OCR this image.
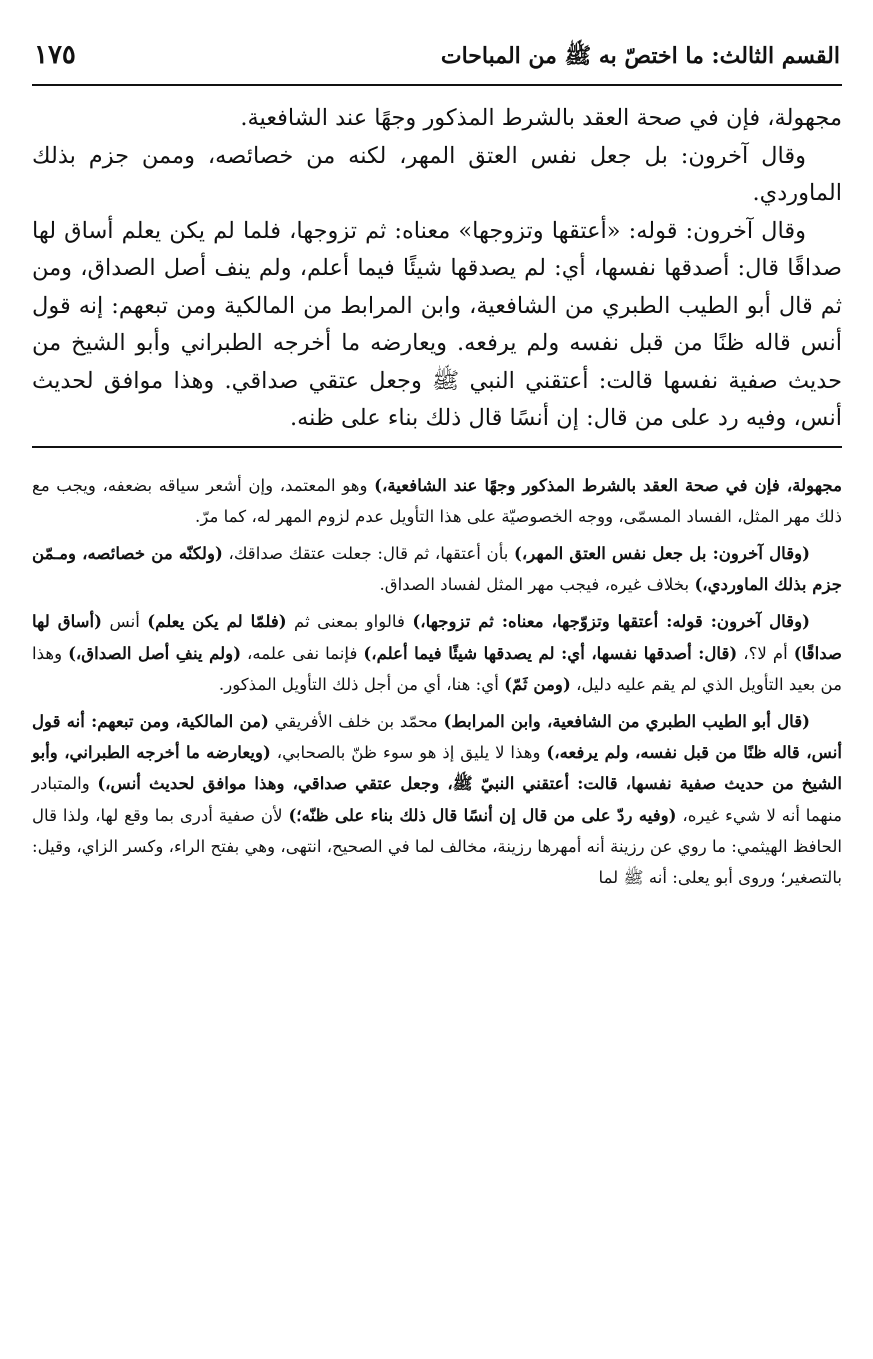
القسم الثالث: ما اختصّ به ﷺ من المباحات
١٧٥

مجهولة، فإن في صحة العقد بالشرط المذكور وجهًا عند الشافعية.

وقال آخرون: بل جعل نفس العتق المهر، لكنه من خصائصه، وممن جزم بذلك الماوردي.

وقال آخرون: قوله: «أعتقها وتزوجها» معناه: ثم تزوجها، فلما لم يكن يعلم أساق لها صداقًا قال: أصدقها نفسها، أي: لم يصدقها شيئًا فيما أعلم، ولم ينف أصل الصداق، ومن ثم قال أبو الطيب الطبري من الشافعية، وابن المرابط من المالكية ومن تبعهم: إنه قول أنس قاله ظنًا من قبل نفسه ولم يرفعه. ويعارضه ما أخرجه الطبراني وأبو الشيخ من حديث صفية نفسها قالت: أعتقني النبي ﷺ وجعل عتقي صداقي. وهذا موافق لحديث أنس، وفيه رد على من قال: إن أنسًا قال ذلك بناء على ظنه.

مجهولة، فإن في صحة العقد بالشرط المذكور وجهًا عند الشافعية،) وهو المعتمد، وإن أشعر سياقه بضعفه، ويجب مع ذلك مهر المثل، الفساد المسمّى، ووجه الخصوصيّة على هذا التأويل عدم لزوم المهر له، كما مرّ.

(وقال آخرون: بل جعل نفس العتق المهر،) بأن أعتقها، ثم قال: جعلت عتقك صداقك، (ولكنّه من خصائصه، ومـمّن جزم بذلك الماوردي،) بخلاف غيره، فيجب مهر المثل لفساد الصداق.

(وقال آخرون: قوله: أعتقها وتزوّجها، معناه: ثم تزوجها،) فالواو بمعنى ثم (فلمّا لم يكن يعلم) أنس (أساق لها صداقًا) أم لا؟، (قال: أصدقها نفسها، أي: لم يصدقها شيئًا فيما أعلم،) فإنما نفى علمه، (ولم ينفِ أصل الصداق،) وهذا من بعيد التأويل الذي لم يقم عليه دليل، (ومن ثَمّ) أي: هنا، أي من أجل ذلك التأويل المذكور.

(قال أبو الطيب الطبري من الشافعية، وابن المرابط) محمّد بن خلف الأفريقي (من المالكية، ومن تبعهم: أنه قول أنس، قاله ظنًا من قبل نفسه، ولم يرفعه،) وهذا لا يليق إذ هو سوء ظنّ بالصحابي، (ويعارضه ما أخرجه الطبراني، وأبو الشيخ من حديث صفية نفسها، قالت: أعتقني النبيّ ﷺ، وجعل عتقي صداقي، وهذا موافق لحديث أنس،) والمتبادر منهما أنه لا شيء غيره، (وفيه ردّ على من قال إن أنسًا قال ذلك بناء على ظنّه؛) لأن صفية أدرى بما وقع لها، ولذا قال الحافظ الهيثمي: ما روي عن رزينة أنه أمهرها رزينة، مخالف لما في الصحيح، انتهى، وهي بفتح الراء، وكسر الزاي، وقيل: بالتصغير؛ وروى أبو يعلى: أنه ﷺ لما
